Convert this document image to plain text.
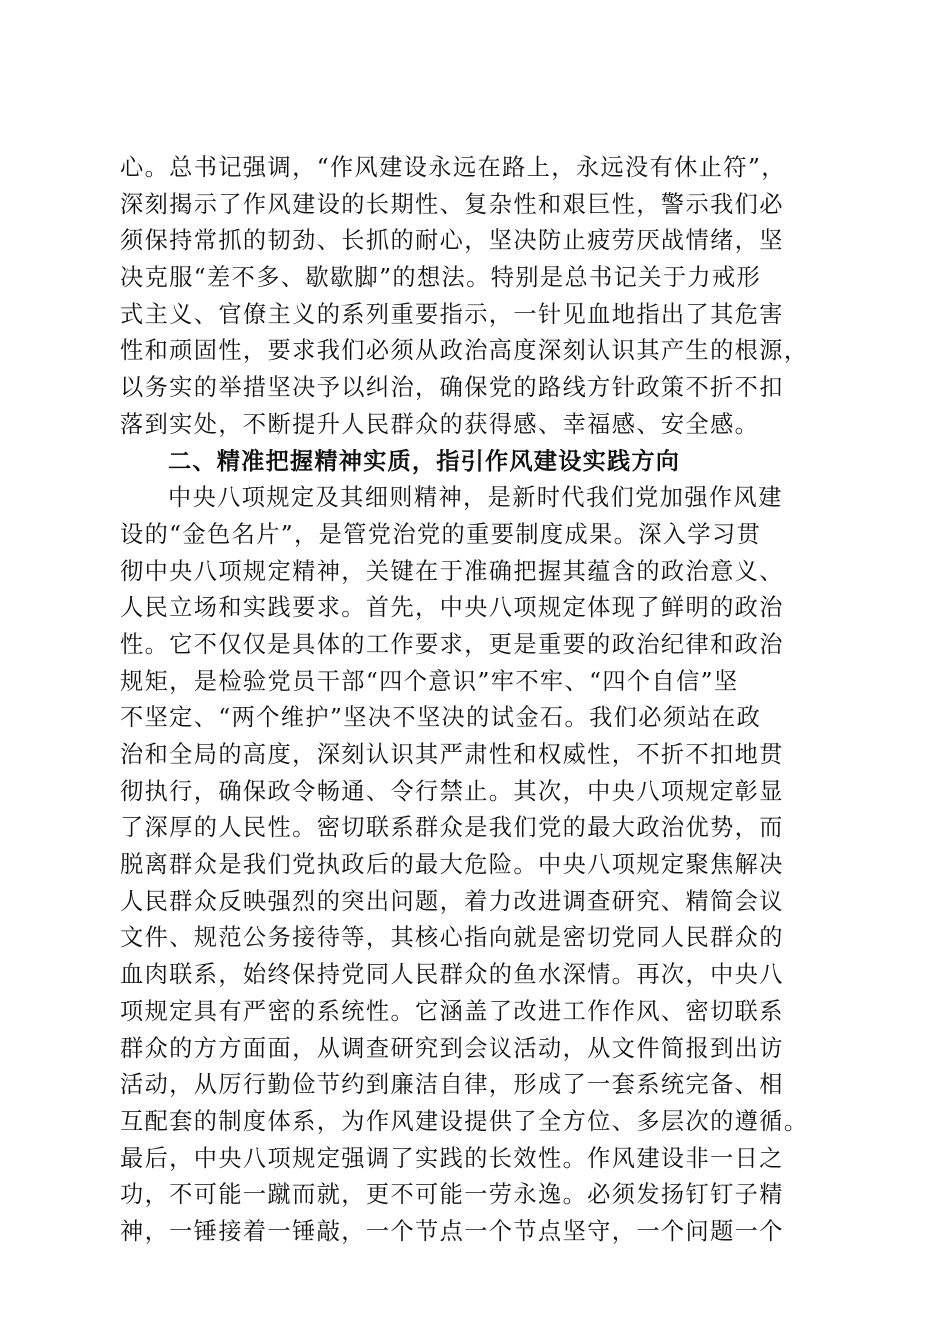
心。总书记强调，“作风建设永远在路上，永远没有休止符”，
深刻揭示了作风建设的长期性、复杂性和艰巨性，警示我们必
须保持常抓的韧劲、长抓的耐心，坚决防止疲劳厌战情绪，坚
决克服“差不多、歇歇脚”的想法。特别是总书记关于力戒形
式主义、官僚主义的系列重要指示，一针见血地指出了其危害
性和顽固性，要求我们必须从政治高度深刻认识其产生的根源，
以务实的举措坚决予以纠治，确保党的路线方针政策不折不扣
落到实处，不断提升人民群众的获得感、幸福感、安全感。
二、精准把握精神实质，指引作风建设实践方向
中央八项规定及其细则精神，是新时代我们党加强作风建
设的“金色名片”，是管党治党的重要制度成果。深入学习贯
彻中央八项规定精神，关键在于准确把握其蕴含的政治意义、
人民立场和实践要求。首先，中央八项规定体现了鲜明的政治
性。它不仅仅是具体的工作要求，更是重要的政治纪律和政治
规矩，是检验党员干部“四个意识”牢不牢、“四个自信”坚
不坚定、“两个维护”坚决不坚决的试金石。我们必须站在政
治和全局的高度，深刻认识其严肃性和权威性，不折不扣地贯
彻执行，确保政令畅通、令行禁止。其次，中央八项规定彰显
了深厚的人民性。密切联系群众是我们党的最大政治优势，而
脱离群众是我们党执政后的最大危险。中央八项规定聚焦解决
人民群众反映强烈的突出问题，着力改进调查研究、精简会议
文件、规范公务接待等，其核心指向就是密切党同人民群众的
血肉联系，始终保持党同人民群众的鱼水深情。再次，中央八
项规定具有严密的系统性。它涵盖了改进工作作风、密切联系
群众的方方面面，从调查研究到会议活动，从文件简报到出访
活动，从厉行勤俭节约到廉洁自律，形成了一套系统完备、相
互配套的制度体系，为作风建设提供了全方位、多层次的遵循。
最后，中央八项规定强调了实践的长效性。作风建设非一日之
功，不可能一蹴而就，更不可能一劳永逸。必须发扬钉钉子精
神，一锤接着一锤敲，一个节点一个节点坚守，一个问题一个
